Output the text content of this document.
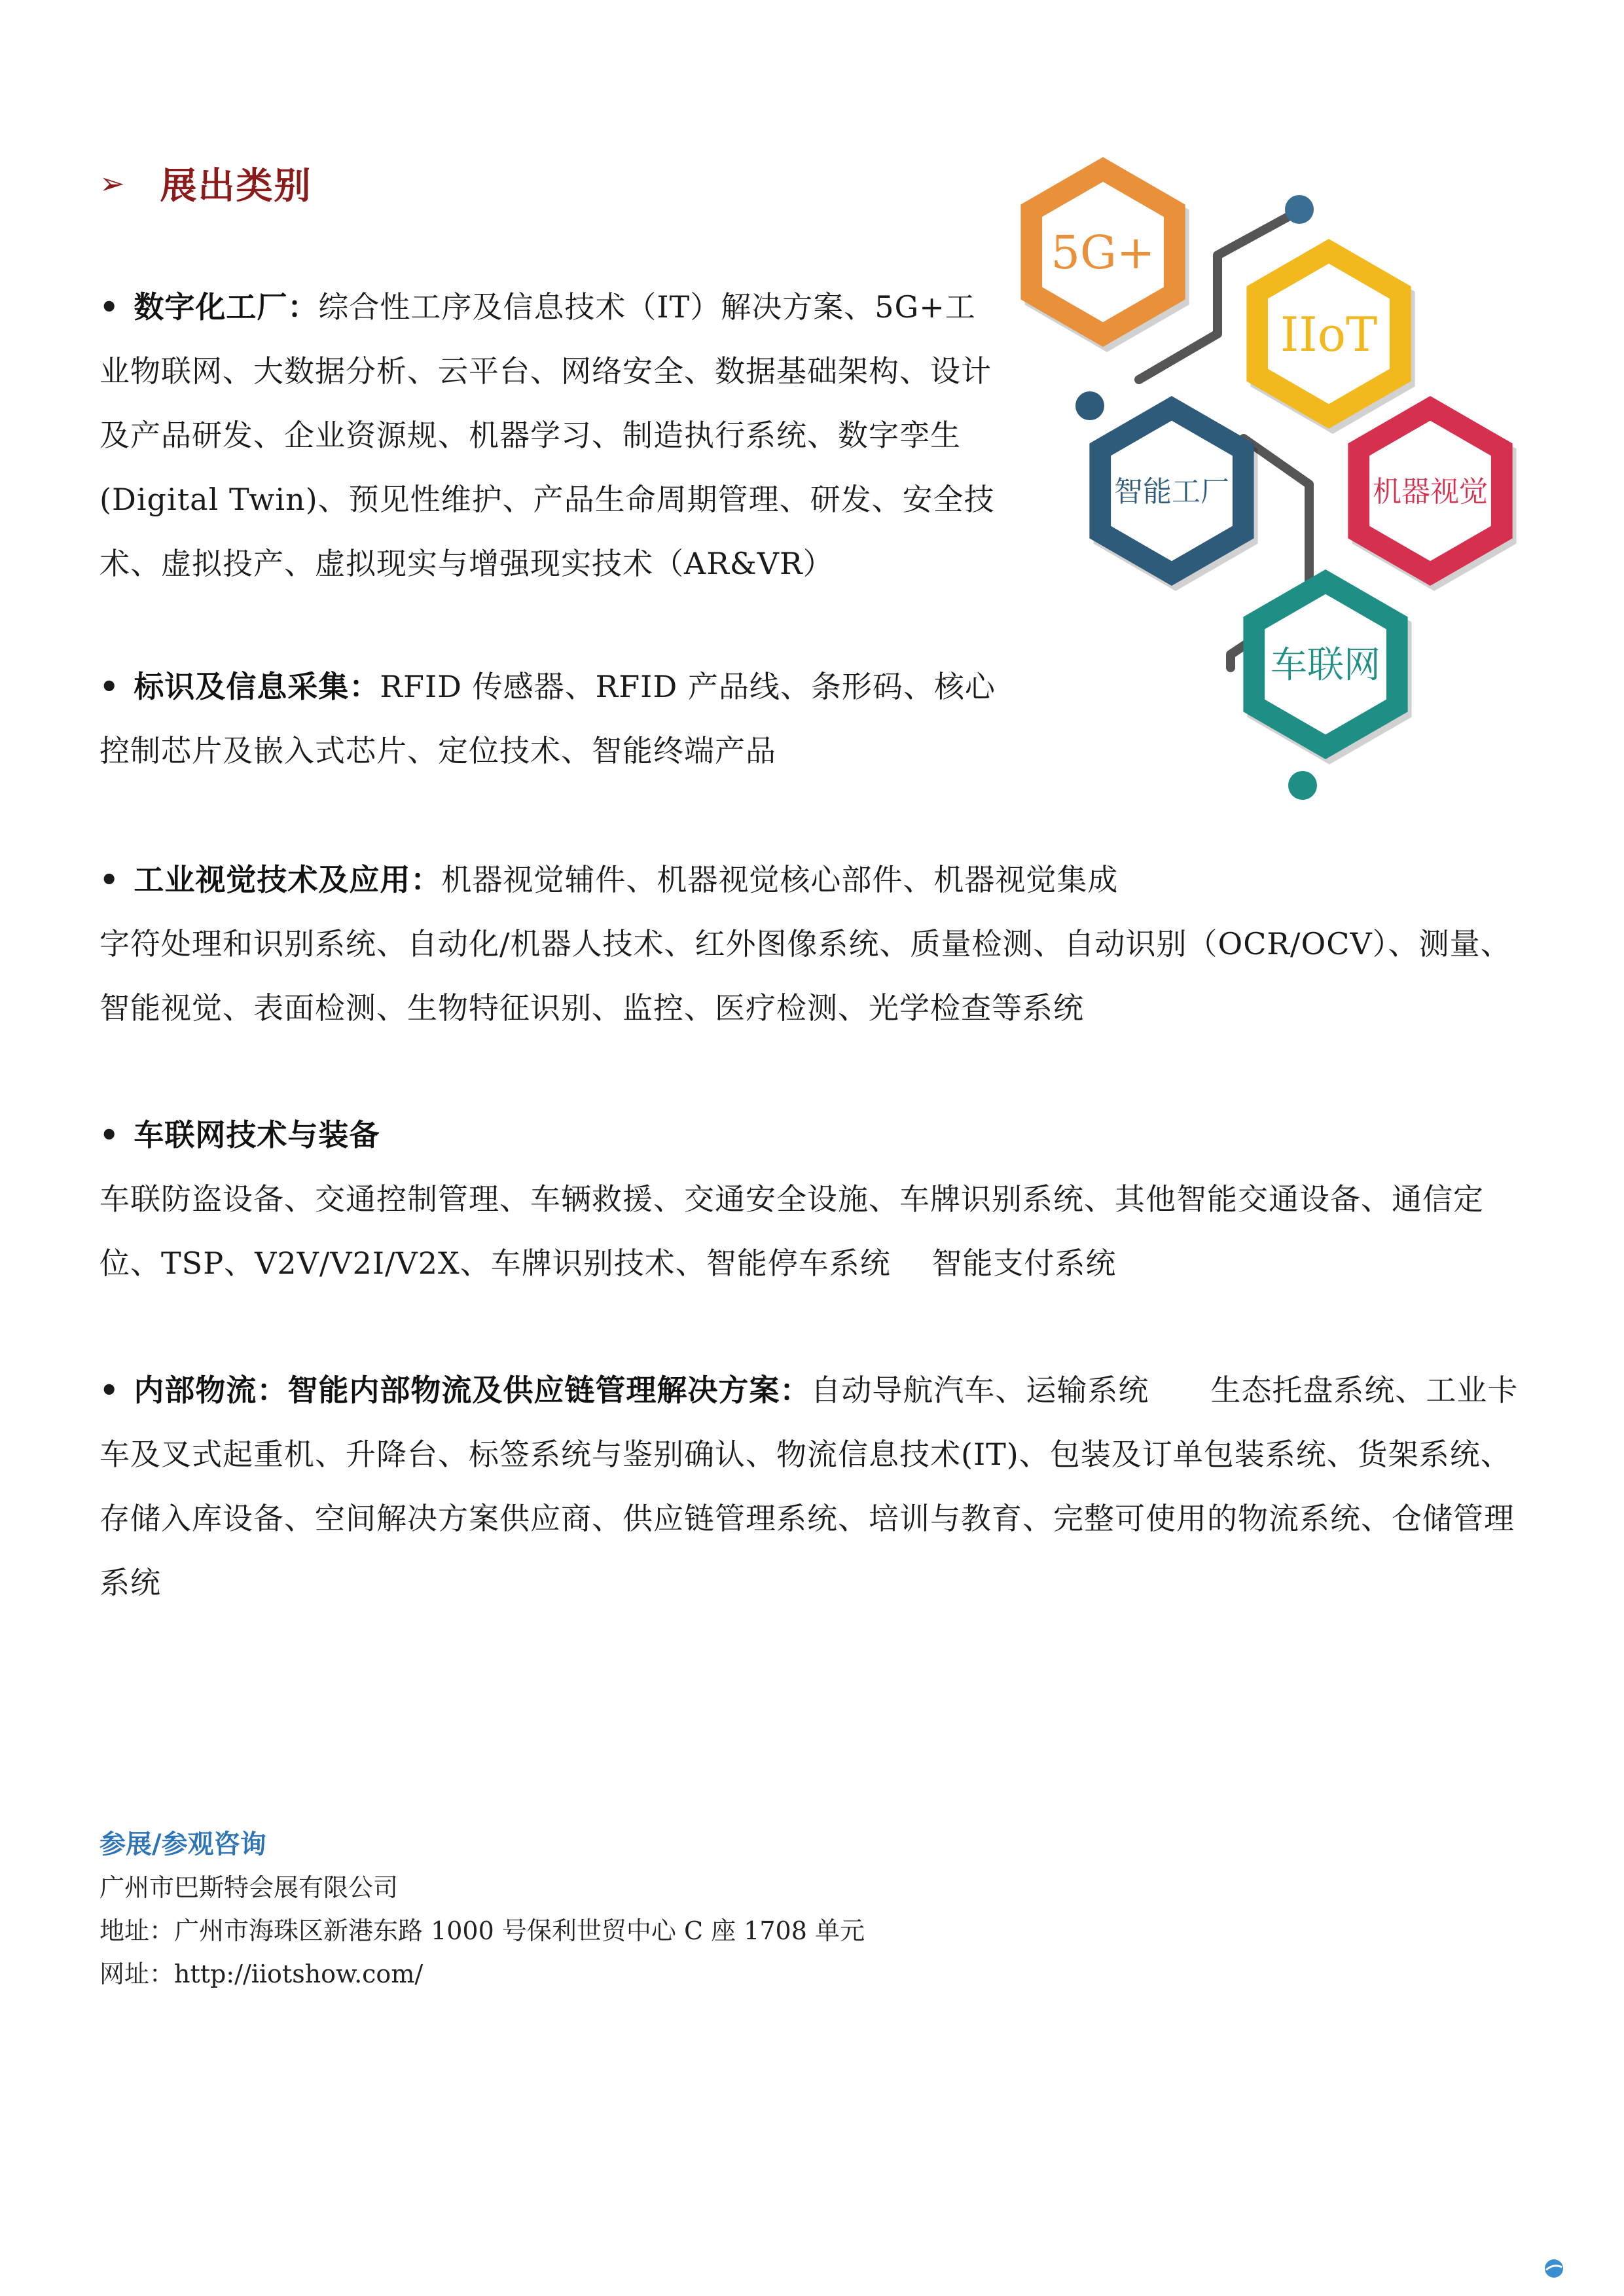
➢ 展出类别
• 数字化工厂：综合性工序及信息技术（IT）解决方案、5G+工业物联网、大数据分析、云平台、网络安全、数据基础架构、设计及产品研发、企业资源规、机器学习、制造执行系统、数字孪生(Digital Twin)、预见性维护、产品生命周期管理、研发、安全技术、虚拟投产、虚拟现实与增强现实技术（AR&VR）
• 标识及信息采集：RFID 传感器、RFID 产品线、条形码、核心控制芯片及嵌入式芯片、定位技术、智能终端产品
• 工业视觉技术及应用：机器视觉辅件、机器视觉核心部件、机器视觉集成
字符处理和识别系统、自动化/机器人技术、红外图像系统、质量检测、自动识别（OCR/OCV）、测量、智能视觉、表面检测、生物特征识别、监控、医疗检测、光学检查等系统
• 车联网技术与装备
车联防盗设备、交通控制管理、车辆救援、交通安全设施、车牌识别系统、其他智能交通设备、通信定位、TSP、V2V/V2I/V2X、车牌识别技术、智能停车系统　 智能支付系统
• 内部物流：智能内部物流及供应链管理解决方案：自动导航汽车、运输系统　　生态托盘系统、工业卡车及叉式起重机、升降台、标签系统与鉴别确认、物流信息技术(IT)、包装及订单包装系统、货架系统、存储入库设备、空间解决方案供应商、供应链管理系统、培训与教育、完整可使用的物流系统、仓储管理系统
参展/参观咨询
广州市巴斯特会展有限公司
地址：广州市海珠区新港东路 1000 号保利世贸中心 C 座 1708 单元
网址：http://iiotshow.com/
5G+
IIoT
智能工厂	机器视觉
车联网
